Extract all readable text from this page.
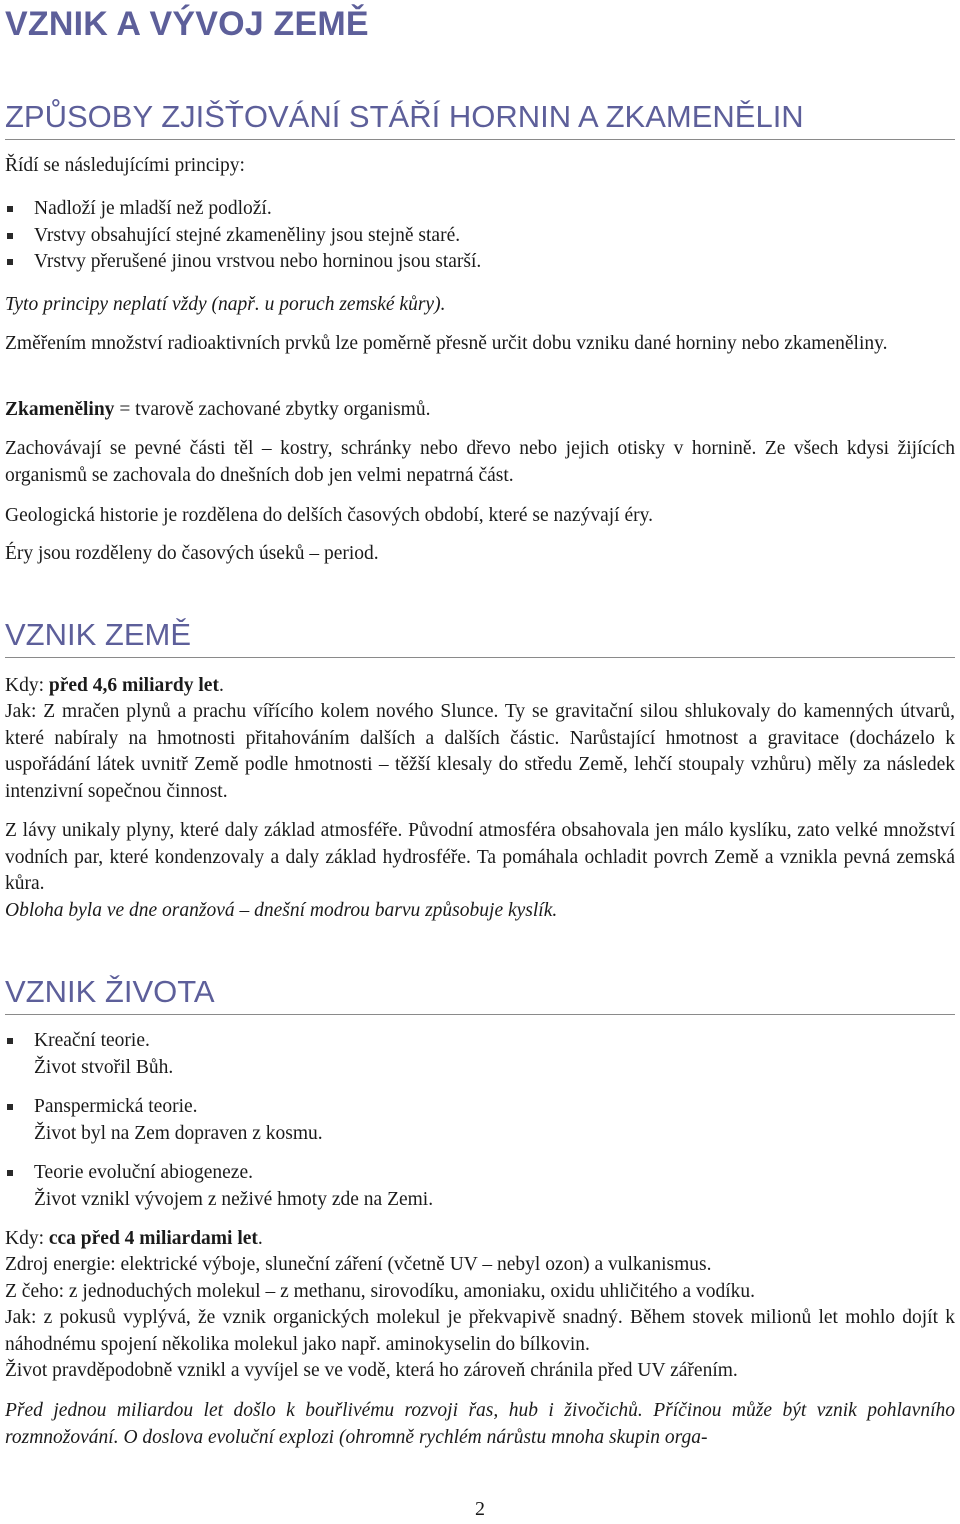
VZNIK A VÝVOJ ZEMĚ
ZPŮSOBY ZJIŠŤOVÁNÍ STÁŘÍ HORNIN A ZKAMENĚLIN

Řídí se následujícími principy:

Nadloží je mladší než podloží.
Vrstvy obsahující stejné zkameněliny jsou stejně staré.
Vrstvy přerušené jinou vrstvou nebo horninou jsou starší.

Tyto principy neplatí vždy (např. u poruch zemské kůry).

Změřením množství radioaktivních prvků lze poměrně přesně určit dobu vzniku dané horniny nebo zkameněliny.

Zkameněliny = tvarově zachované zbytky organismů.

Zachovávají se pevné části těl – kostry, schránky nebo dřevo nebo jejich otisky v hornině. Ze všech kdysi žijících organismů se zachovala do dnešních dob jen velmi nepatrná část.

Geologická historie je rozdělena do delších časových období, které se nazývají éry.

Éry jsou rozděleny do časových úseků – period.

VZNIK ZEMĚ

Kdy: před 4,6 miliardy let.

Jak: Z mračen plynů a prachu vířícího kolem nového Slunce. Ty se gravitační silou shlukovaly do kamenných útvarů, které nabíraly na hmotnosti přitahováním dalších a dalších částic. Narůstající hmotnost a gravitace (docházelo k uspořádání látek uvnitř Země podle hmotnosti – těžší klesaly do středu Země, lehčí stoupaly vzhůru) měly za následek intenzivní sopečnou činnost.

Z lávy unikaly plyny, které daly základ atmosféře. Původní atmosféra obsahovala jen málo kyslíku, zato velké množství vodních par, které kondenzovaly a daly základ hydrosféře. Ta pomáhala ochladit povrch Země a vznikla pevná zemská kůra.

Obloha byla ve dne oranžová – dnešní modrou barvu způsobuje kyslík.

VZNIK ŽIVOTA
Kreační teorie.
Život stvořil Bůh.
Panspermická teorie.
Život byl na Zem dopraven z kosmu.
Teorie evoluční abiogeneze.
Život vznikl vývojem z neživé hmoty zde na Zemi.

Kdy: cca před 4 miliardami let.

Zdroj energie: elektrické výboje, sluneční záření (včetně UV – nebyl ozon) a vulkanismus.

Z čeho: z jednoduchých molekul – z methanu, sirovodíku, amoniaku, oxidu uhličitého a vodíku.

Jak: z pokusů vyplývá, že vznik organických molekul je překvapivě snadný. Během stovek milionů let mohlo dojít k náhodnému spojení několika molekul jako např. aminokyselin do bílkovin.

Život pravděpodobně vznikl a vyvíjel se ve vodě, která ho zároveň chránila před UV zářením.

Před jednou miliardou let došlo k bouřlivému rozvoji řas, hub i živočichů. Příčinou může být vznik pohlavního rozmnožování. O doslova evoluční explozi (ohromně rychlém nárůstu mnoha skupin orga-

2
